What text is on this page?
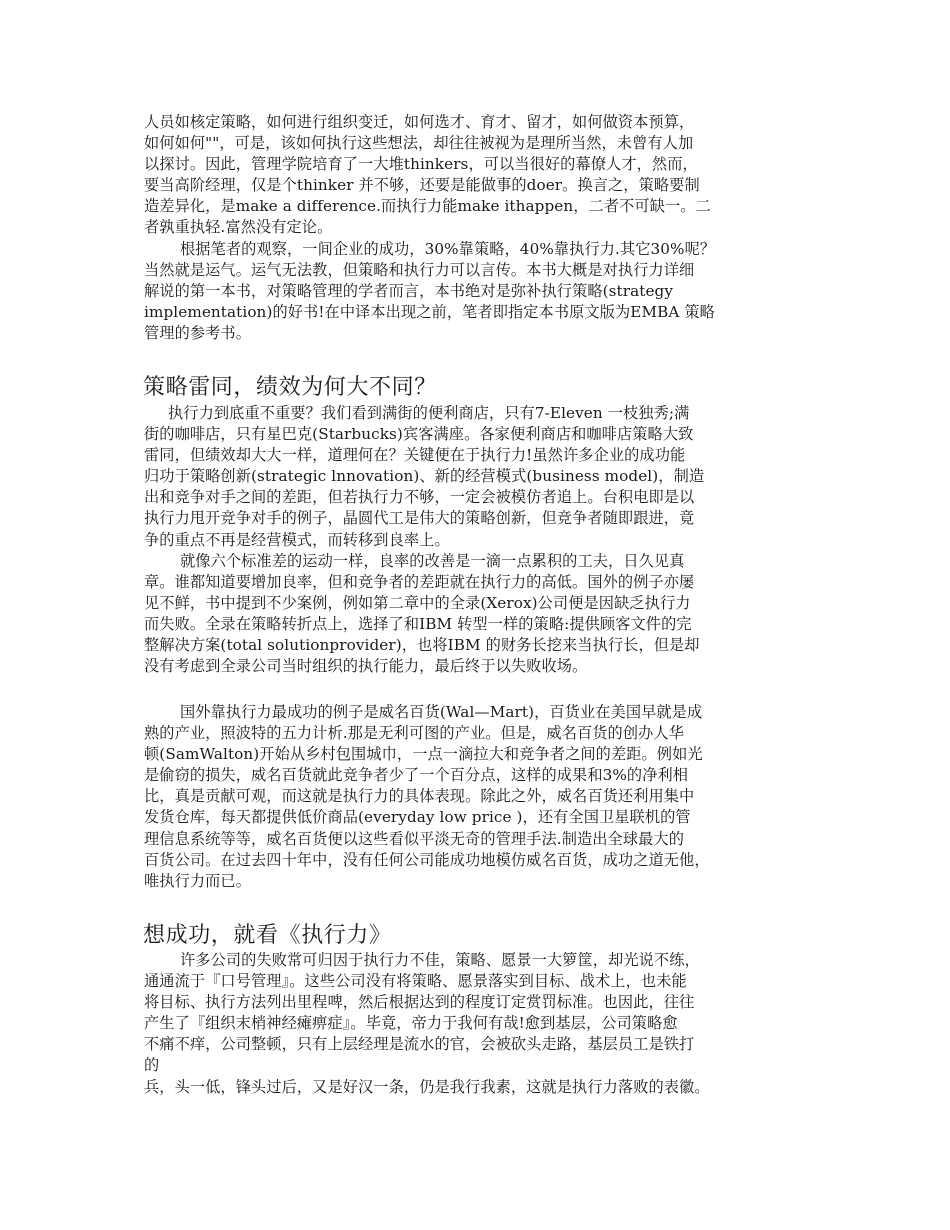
人员如核定策略，如何进行组织变迁，如何选才、育才、留才，如何做资本预算，
如何如何""，可是，该如何执行这些想法，却往往被视为是理所当然，未曾有人加
以探讨。因此，管理学院培育了一大堆thinkers，可以当很好的幕僚人才，然而，
要当高阶经理，仅是个thinker 并不够，还要是能做事的doer。换言之，策略要制
造差异化，是make a difference.而执行力能make ithappen，二者不可缺一。二
者孰重执轻.富然没有定论。
根据笔者的观察，一间企业的成功，30%靠策略，40%靠执行力.其它30%呢？
当然就是运气。运气无法教，但策略和执行力可以言传。本书大概是对执行力详细
解说的第一本书，对策略管理的学者而言，本书绝对是弥补执行策略(strategy
implementation)的好书!在中译本出现之前，笔者即指定本书原文版为EMBA 策略
管理的参考书。
策略雷同，绩效为何大不同？
执行力到底重不重要？我们看到满街的便利商店，只有7-Eleven 一枝独秀;满
街的咖啡店，只有星巴克(Starbucks)宾客满座。各家便利商店和咖啡店策略大致
雷同，但绩效却大大一样，道理何在？关键便在于执行力!虽然许多企业的成功能
归功于策略创新(strategic lnnovation)、新的经营模式(business model)，制造
出和竞争对手之间的差距，但若执行力不够，一定会被模仿者追上。台积电即是以
执行力甩开竞争对手的例子，晶圆代工是伟大的策略创新，但竞争者随即跟进，竟
争的重点不再是经营模式，而转移到良率上。
就像六个标准差的运动一样，良率的改善是一滴一点累积的工夫，日久见真
章。谁都知道要增加良率，但和竞争者的差距就在执行力的高低。国外的例子亦屡
见不鲜，书中提到不少案例，例如第二章中的全录(Xerox)公司便是因缺乏执行力
而失败。全录在策略转折点上，选择了和IBM 转型一样的策略:提供顾客文件的完
整解决方案(total solutionprovider)，也将IBM 的财务长挖来当执行长，但是却
没有考虑到全录公司当时组织的执行能力，最后终于以失败收场。
国外靠执行力最成功的例子是威名百货(Wal—Mart)，百货业在美国早就是成
熟的产业，照波特的五力计析.那是无利可图的产业。但是，威名百货的创办人华
顿(SamWalton)开始从乡村包围城巾，一点一滴拉大和竞争者之间的差距。例如光
是偷窃的损失，威名百货就此竞争者少了一个百分点，这样的成果和3%的净利相
比，真是贡献可观，而这就是执行力的具体表现。除此之外，威名百货还利用集中
发货仓库，每天都提供低价商品(everyday low price )，还有全国卫星联机的管
理信息系统等等，威名百货便以这些看似平淡无奇的管理手法.制造出全球最大的
百货公司。在过去四十年中，没有任何公司能成功地模仿威名百货，成功之道无他，
唯执行力而已。
想成功，就看《执行力》
许多公司的失败常可归因于执行力不佳，策略、愿景一大箩筐，却光说不练，
通通流于『口号管理』。这些公司没有将策略、愿景落实到目标、战术上，也未能
将目标、执行方法列出里程啤，然后根据达到的程度订定赏罚标准。也因此，往往
产生了『组织末梢神经瘫痹症』。毕竟，帝力于我何有哉!愈到基层，公司策略愈
不痛不痒，公司整顿，只有上层经理是流水的官，会被砍头走路，基层员工是铁打
的
兵，头一低，锋头过后，又是好汉一条，仍是我行我素，这就是执行力落败的表徽。
